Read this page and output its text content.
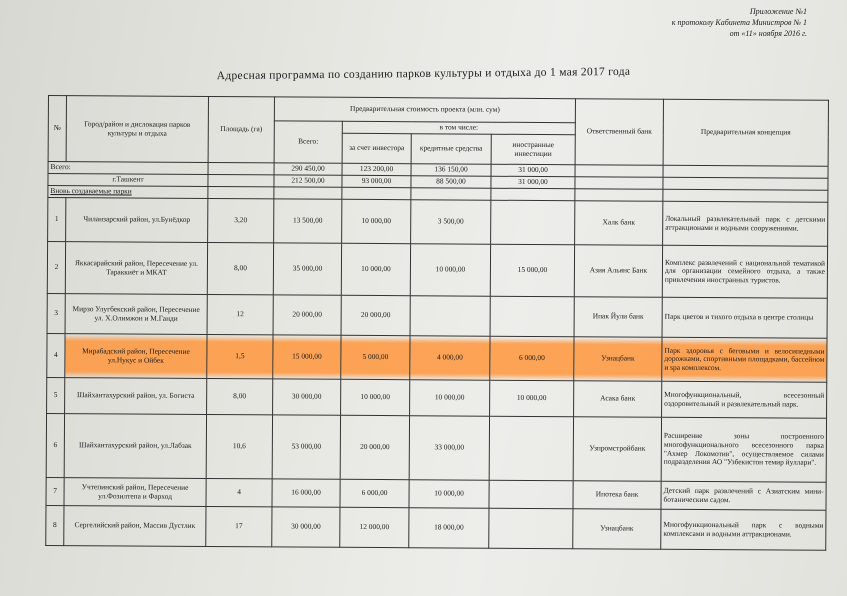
Приложение №1
к протоколу Кабинета Министров № 1
от «11» ноября 2016 г.
Адресная программа по созданию парков культуры и отдыха до 1 мая 2017 года
№	Город/район и дислокация парков культуры и отдыха	Площадь (га)	Предварительная стоимость проекта (млн. сум)				Ответственный банк	Предварительная концепция
			Всего:	в том числе:				
				за счет инвестора	кредитные средства	иностранные инвестиции		
Всего:			290 450,00	123 200,00	136 150,00	31 000,00		
г.Ташкент			212 500,00	93 000,00	88 500,00	31 000,00		
Вновь создаваемые парки								
1	Чиланзарский район, ул.Бунёдкор	3,20	13 500,00	10 000,00	3 500,00		Халк банк	Локальный развлекательный парк с детскими аттракционами и водными сооружениями.
2	Яккасарайский район, Пересечение ул. Тараккиёт и МКАТ	8,00	35 000,00	10 000,00	10 000,00	15 000,00	Азия Альянс Банк	Комплекс развлечений с национальной тематикой для организации семейного отдыха, а также привлечения иностранных туристов.
3	Мирзо Улугбекский район, Пересечение ул. Х.Олимжон и М.Ганди	12	20 000,00	20 000,00			Ипак Йули банк	Парк цветов и тихого отдыха в центре столицы
4	Мирабадский район, Пересечение ул.Нукус и Ойбек	1,5	15 000,00	5 000,00	4 000,00	6 000,00	Узнацбанк	Парк здоровья с беговыми и велосипедными дорожками, спортивными площадками, бассейном и spa комплексом.
5	Шайхантахурский район, ул. Богиста	8,00	30 000,00	10 000,00	10 000,00	10 000,00	Асака банк	Многофункциональный, всесезонный оздоровительный и развлекательный парк.
6	Шайхантахурский район, ул.Лабзак	10,6	53 000,00	20 000,00	33 000,00		Узпромстройбанк	Расширение зоны построенного многофункционального всесезонного парка "Ахмер Локомотив", осуществляемое силами подразделения АО "Узбекистон темир йуллари".
7	Учтепинский район, Пересечение ул.Фозилтепа и Фарход	4	16 000,00	6 000,00	10 000,00		Ипотека банк	Детский парк развлечений с Азиатским мини-ботаническим садом.
8	Сергелийский район, Массив Дустлик	17	30 000,00	12 000,00	18 000,00		Узнацбанк	Многофункциональный парк с водными комплексами и водными аттракционами.
